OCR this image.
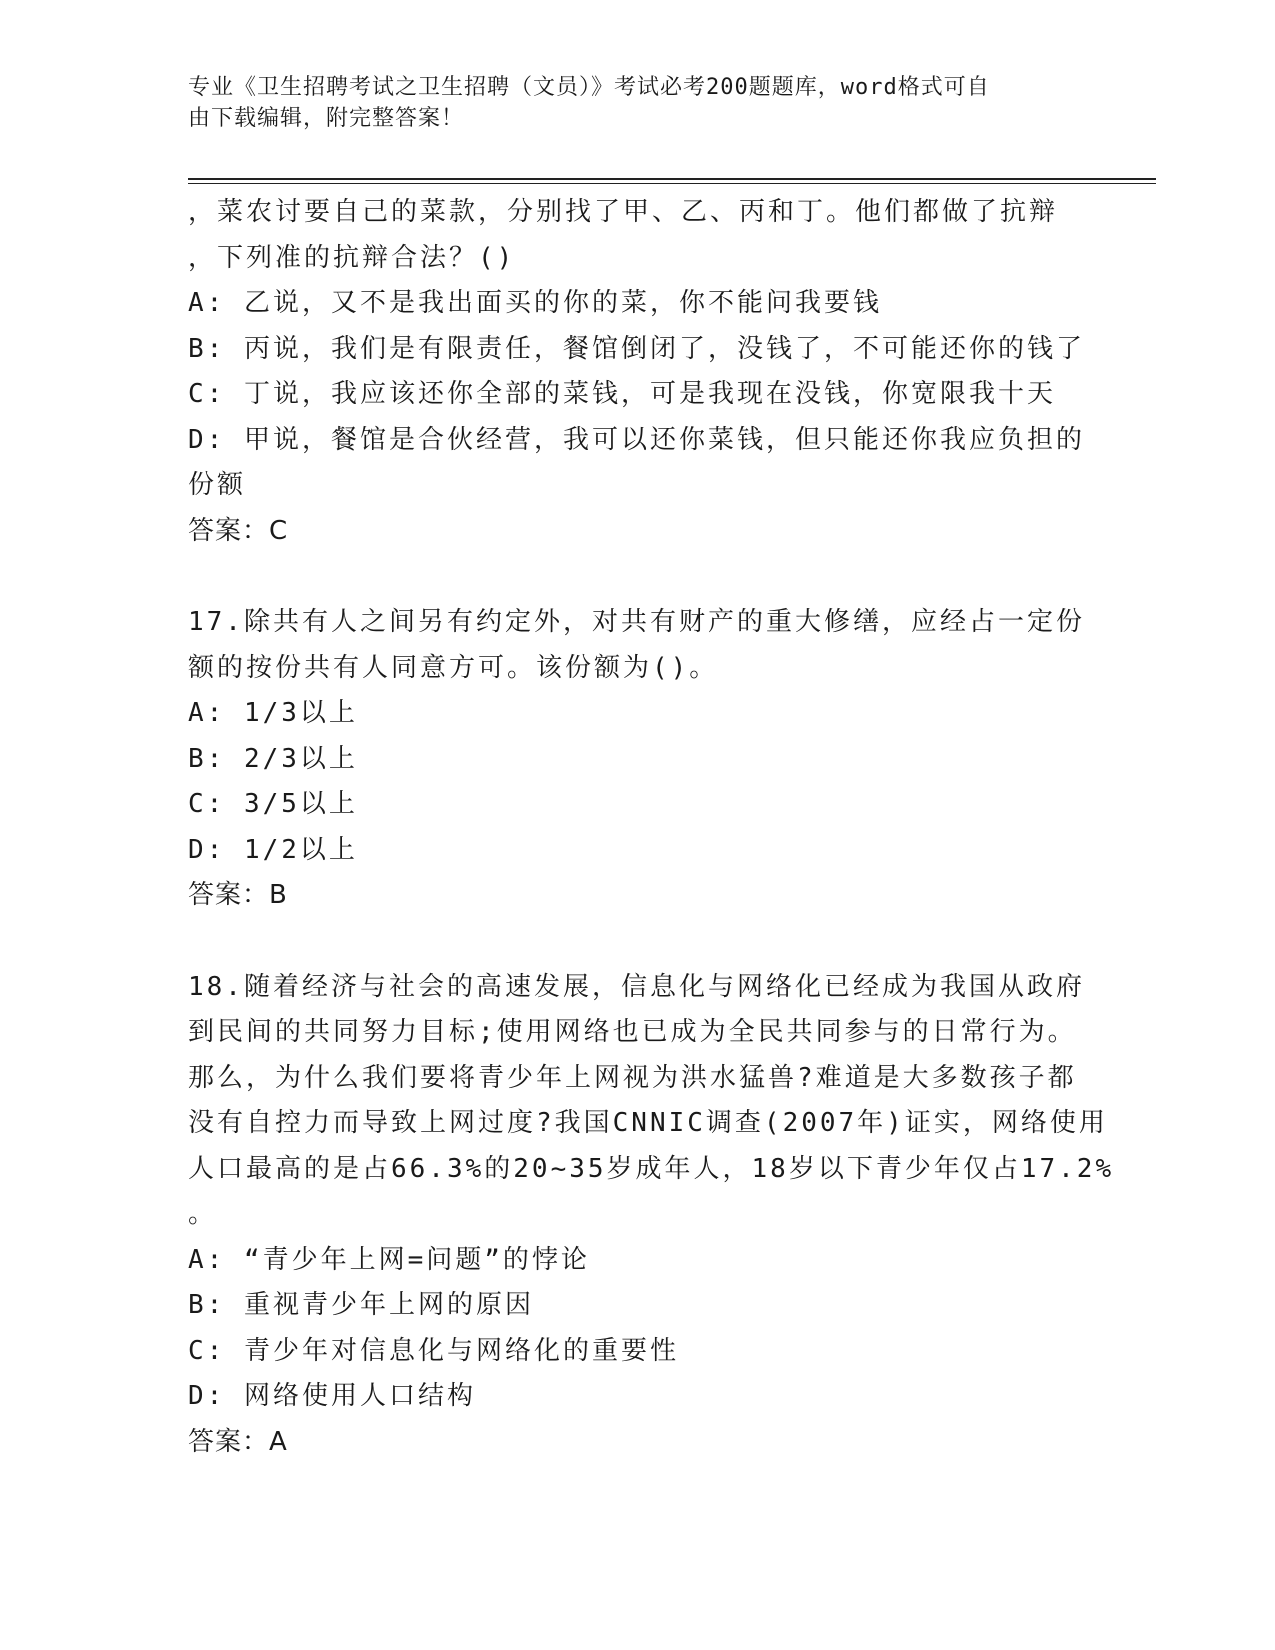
专业《卫生招聘考试之卫生招聘（文员）》考试必考200题题库，word格式可自
由下载编辑，附完整答案！
，菜农讨要自己的菜款，分别找了甲、乙、丙和丁。他们都做了抗辩
，下列准的抗辩合法？()
A: 乙说，又不是我出面买的你的菜，你不能问我要钱
B: 丙说，我们是有限责任，餐馆倒闭了，没钱了，不可能还你的钱了
C: 丁说，我应该还你全部的菜钱，可是我现在没钱，你宽限我十天
D: 甲说，餐馆是合伙经营，我可以还你菜钱，但只能还你我应负担的
份额
答案：C
17.除共有人之间另有约定外，对共有财产的重大修缮，应经占一定份
额的按份共有人同意方可。该份额为()。
A: 1/3以上
B: 2/3以上
C: 3/5以上
D: 1/2以上
答案：B
18.随着经济与社会的高速发展，信息化与网络化已经成为我国从政府
到民间的共同努力目标;使用网络也已成为全民共同参与的日常行为。
那么，为什么我们要将青少年上网视为洪水猛兽?难道是大多数孩子都
没有自控力而导致上网过度?我国CNNIC调查(2007年)证实，网络使用
人口最高的是占66.3%的20~35岁成年人，18岁以下青少年仅占17.2%
。
A: “青少年上网=问题”的悖论
B: 重视青少年上网的原因
C: 青少年对信息化与网络化的重要性
D: 网络使用人口结构
答案：A
